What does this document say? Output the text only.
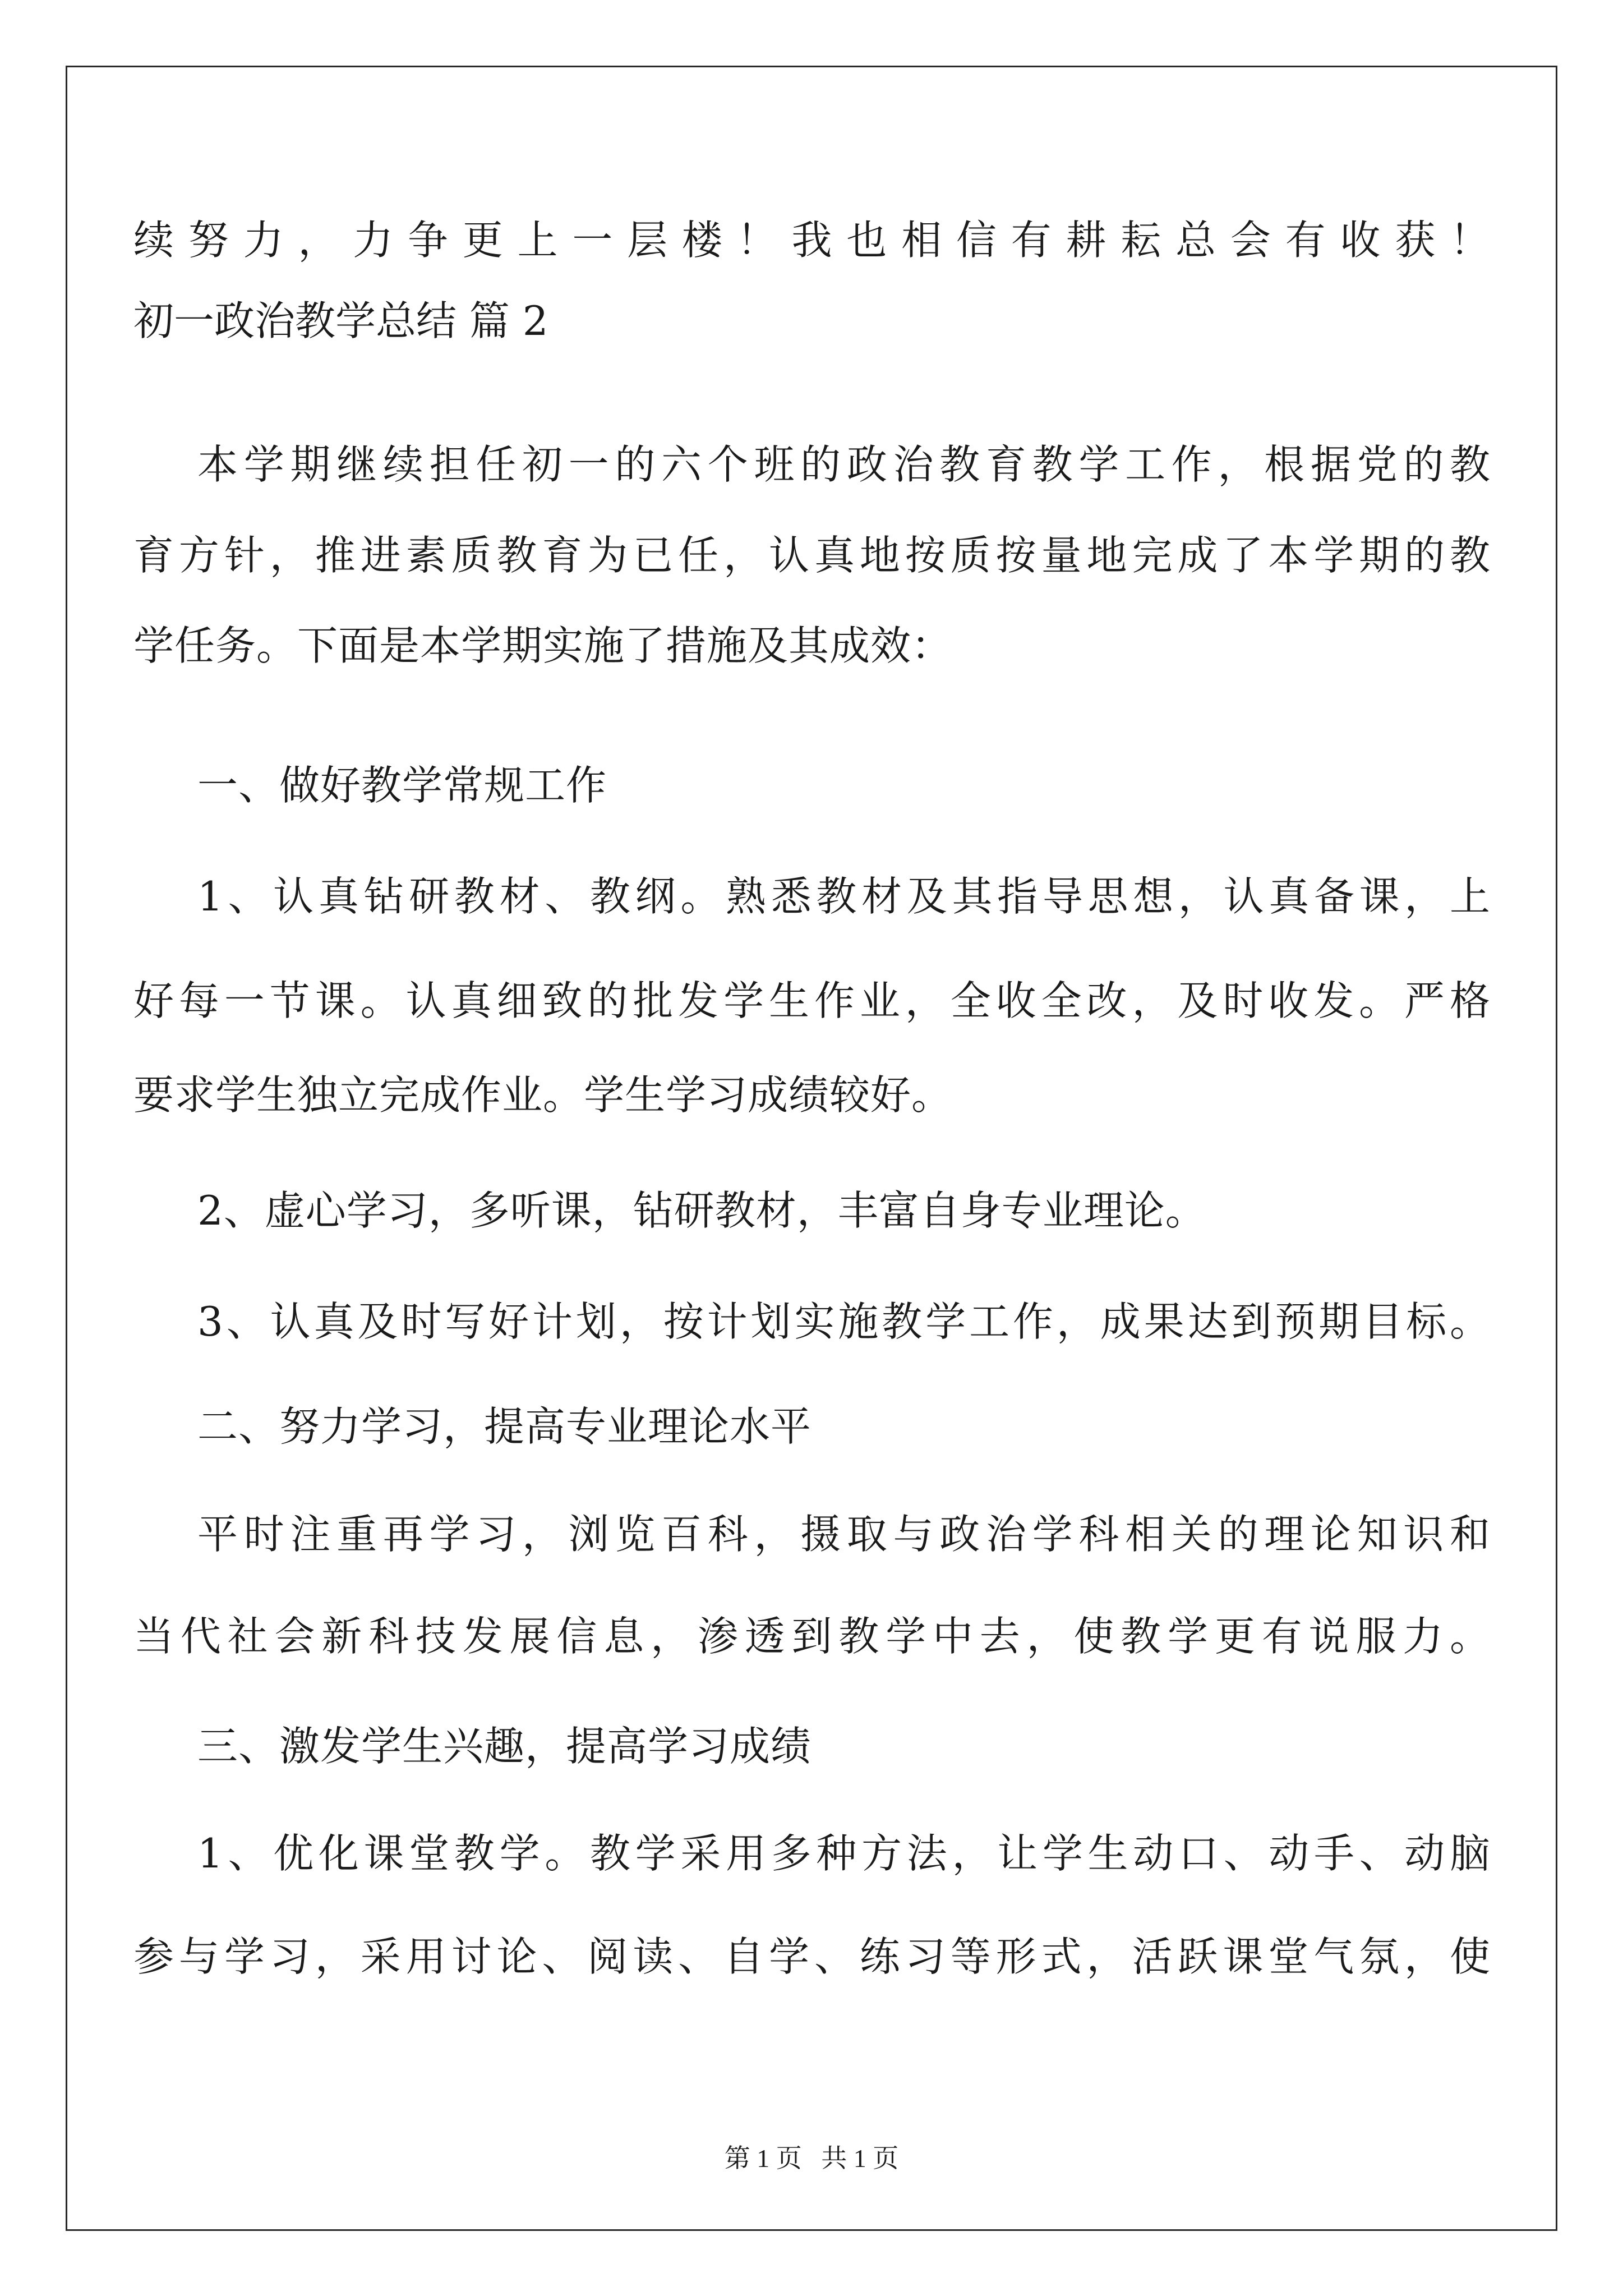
续努力，力争更上一层楼！我也相信有耕耘总会有收获！
初一政治教学总结 篇 2
本学期继续担任初一的六个班的政治教育教学工作，根据党的教
育方针，推进素质教育为已任，认真地按质按量地完成了本学期的教
学任务。下面是本学期实施了措施及其成效：
一、做好教学常规工作
1、认真钻研教材、教纲。熟悉教材及其指导思想，认真备课，上
好每一节课。认真细致的批发学生作业，全收全改，及时收发。严格
要求学生独立完成作业。学生学习成绩较好。
2、虚心学习，多听课，钻研教材，丰富自身专业理论。
3、认真及时写好计划，按计划实施教学工作，成果达到预期目标。
二、努力学习，提高专业理论水平
平时注重再学习，浏览百科，摄取与政治学科相关的理论知识和
当代社会新科技发展信息，渗透到教学中去，使教学更有说服力。
三、激发学生兴趣，提高学习成绩
1、优化课堂教学。教学采用多种方法，让学生动口、动手、动脑
参与学习，采用讨论、阅读、自学、练习等形式，活跃课堂气氛，使
第 1 页 共 1 页
